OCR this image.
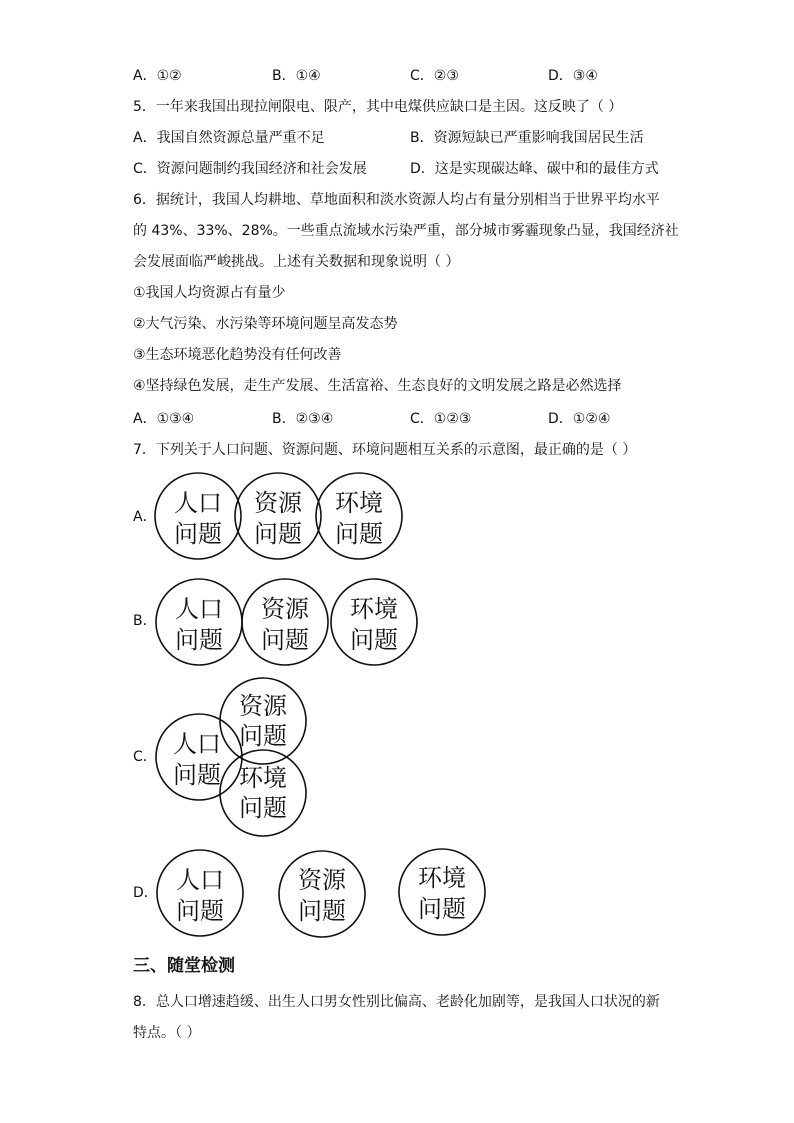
A．①②	B．①④	C．②③	D．③④
5．一年来我国出现拉闸限电、限产，其中电煤供应缺口是主因。这反映了（ ）
A．我国自然资源总量严重不足	B．资源短缺已严重影响我国居民生活
C．资源问题制约我国经济和社会发展	D．这是实现碳达峰、碳中和的最佳方式
6．据统计，我国人均耕地、草地面积和淡水资源人均占有量分别相当于世界平均水平
的 43%、33%、28%。一些重点流域水污染严重，部分城市雾霾现象凸显，我国经济社
会发展面临严峻挑战。上述有关数据和现象说明（ ）
①我国人均资源占有量少
②大气污染、水污染等环境问题呈高发态势
③生态环境恶化趋势没有任何改善
④坚持绿色发展，走生产发展、生活富裕、生态良好的文明发展之路是必然选择
A．①③④	B．②③④	C．①②③	D．①②④
7．下列关于人口问题、资源问题、环境问题相互关系的示意图，最正确的是（ ）
A． 人口
问题
资源
问题
环境
问题
B． 人口
问题
资源
问题
环境
问题
C． 人口
问题
资源
问题
环境
问题
D． 人口
问题
资源
问题
环境
问题
三、随堂检测
8．总人口增速趋缓、出生人口男女性别比偏高、老龄化加剧等，是我国人口状况的新
特点。（ ）
